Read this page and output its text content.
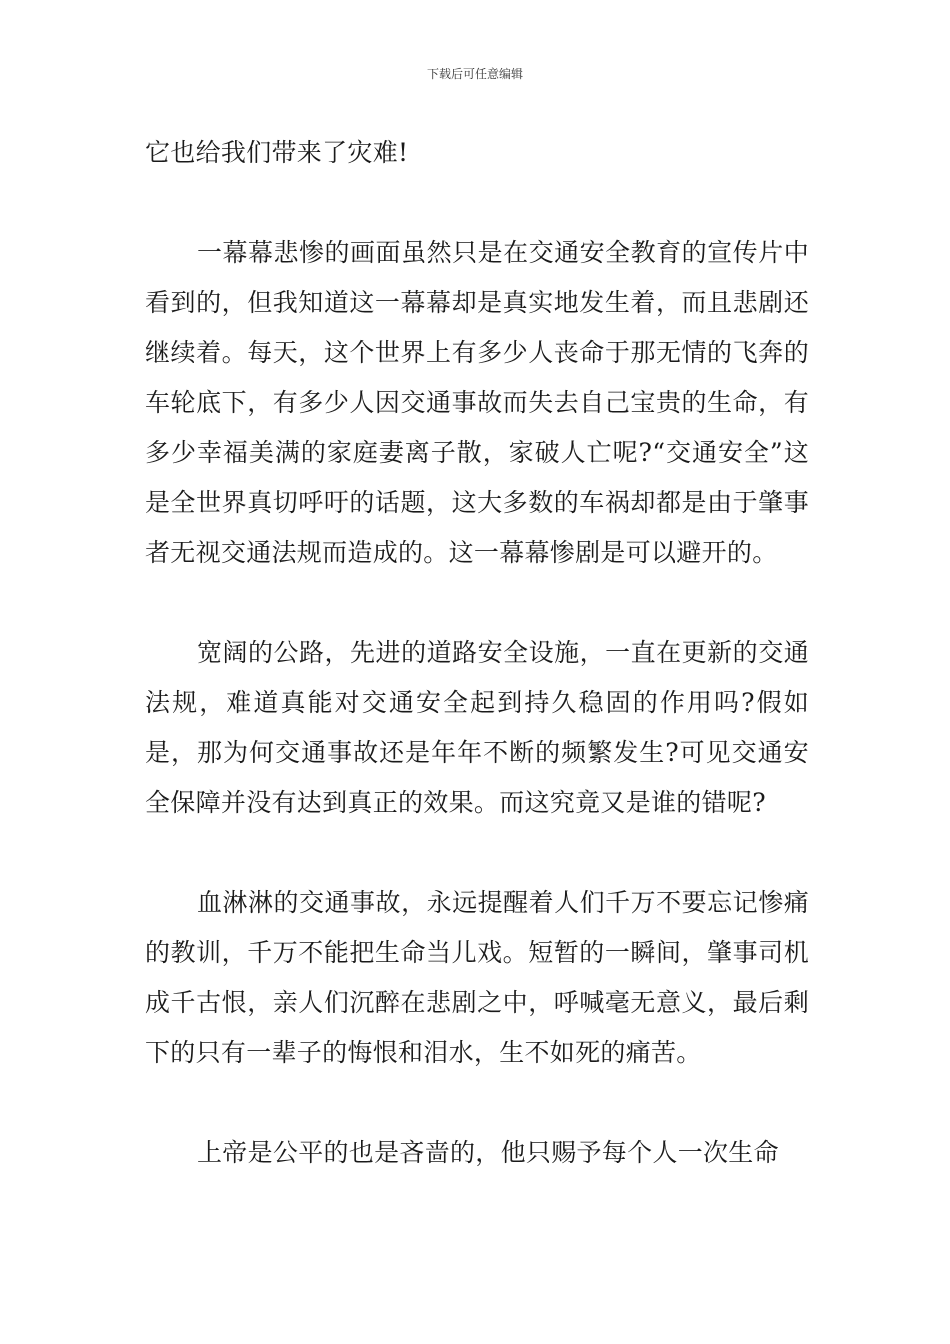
下载后可任意编辑

它也给我们带来了灾难!

一幕幕悲惨的画面虽然只是在交通安全教育的宣传片中看到的，但我知道这一幕幕却是真实地发生着，而且悲剧还继续着。每天，这个世界上有多少人丧命于那无情的飞奔的车轮底下，有多少人因交通事故而失去自己宝贵的生命，有多少幸福美满的家庭妻离子散，家破人亡呢?“交通安全”这是全世界真切呼吁的话题，这大多数的车祸却都是由于肇事者无视交通法规而造成的。这一幕幕惨剧是可以避开的。

宽阔的公路，先进的道路安全设施，一直在更新的交通法规，难道真能对交通安全起到持久稳固的作用吗?假如是，那为何交通事故还是年年不断的频繁发生?可见交通安全保障并没有达到真正的效果。而这究竟又是谁的错呢?

血淋淋的交通事故，永远提醒着人们千万不要忘记惨痛的教训，千万不能把生命当儿戏。短暂的一瞬间，肇事司机成千古恨，亲人们沉醉在悲剧之中，呼喊毫无意义，最后剩下的只有一辈子的悔恨和泪水，生不如死的痛苦。

上帝是公平的也是吝啬的，他只赐予每个人一次生命
